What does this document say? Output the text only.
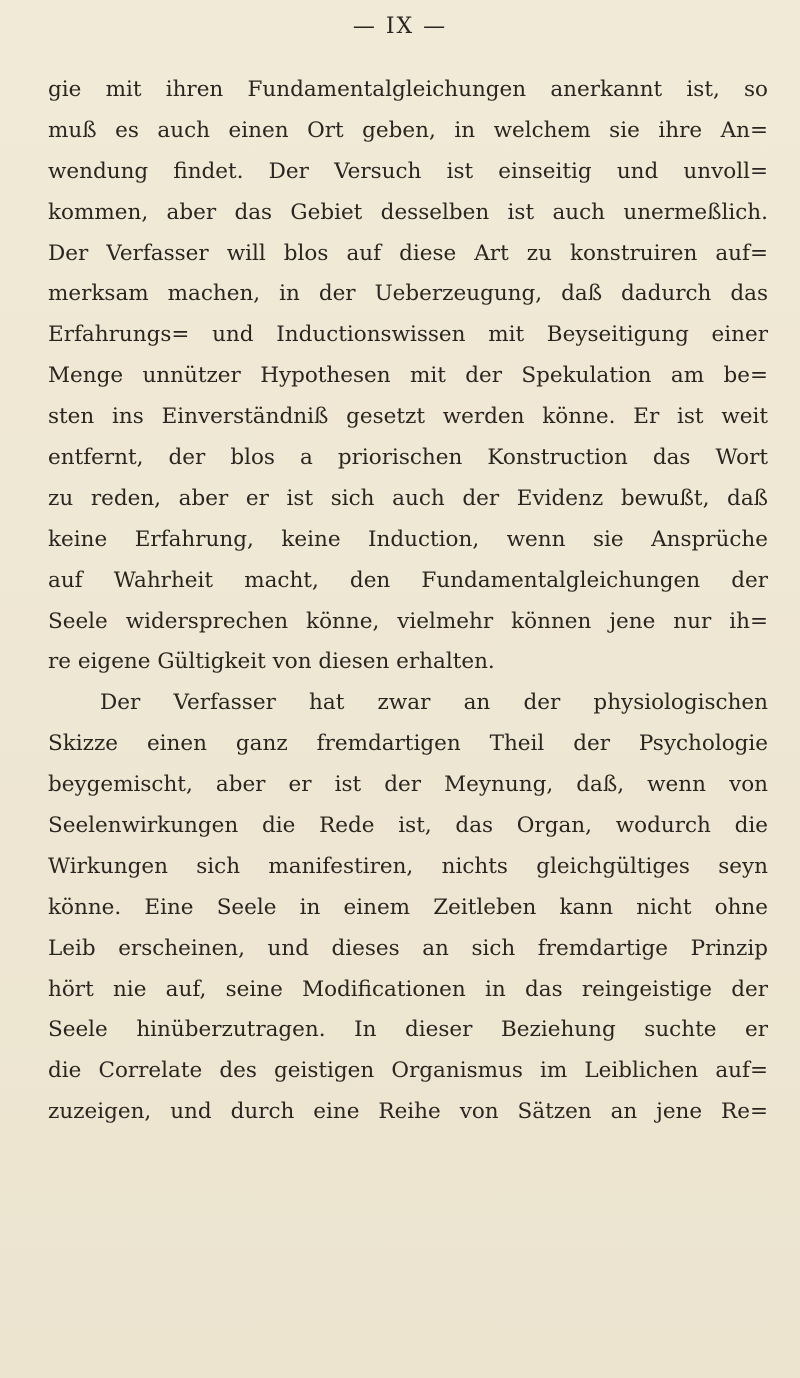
— IX —
gie mit ihren Fundamentalgleichungen anerkannt ist, so
muß es auch einen Ort geben, in welchem sie ihre An=
wendung findet. Der Versuch ist einseitig und unvoll=
kommen, aber das Gebiet desselben ist auch unermeßlich.
Der Verfasser will blos auf diese Art zu konstruiren auf=
merksam machen, in der Ueberzeugung, daß dadurch das
Erfahrungs= und Inductionswissen mit Beyseitigung einer
Menge unnützer Hypothesen mit der Spekulation am be=
sten ins Einverständniß gesetzt werden könne. Er ist weit
entfernt, der blos a priorischen Konstruction das Wort
zu reden, aber er ist sich auch der Evidenz bewußt, daß
keine Erfahrung, keine Induction, wenn sie Ansprüche
auf Wahrheit macht, den Fundamentalgleichungen der
Seele widersprechen könne, vielmehr können jene nur ih=
re eigene Gültigkeit von diesen erhalten.
Der Verfasser hat zwar an der physiologischen
Skizze einen ganz fremdartigen Theil der Psychologie
beygemischt, aber er ist der Meynung, daß, wenn von
Seelenwirkungen die Rede ist, das Organ, wodurch die
Wirkungen sich manifestiren, nichts gleichgültiges seyn
könne. Eine Seele in einem Zeitleben kann nicht ohne
Leib erscheinen, und dieses an sich fremdartige Prinzip
hört nie auf, seine Modificationen in das reingeistige der
Seele hinüberzutragen. In dieser Beziehung suchte er
die Correlate des geistigen Organismus im Leiblichen auf=
zuzeigen, und durch eine Reihe von Sätzen an jene Re=
